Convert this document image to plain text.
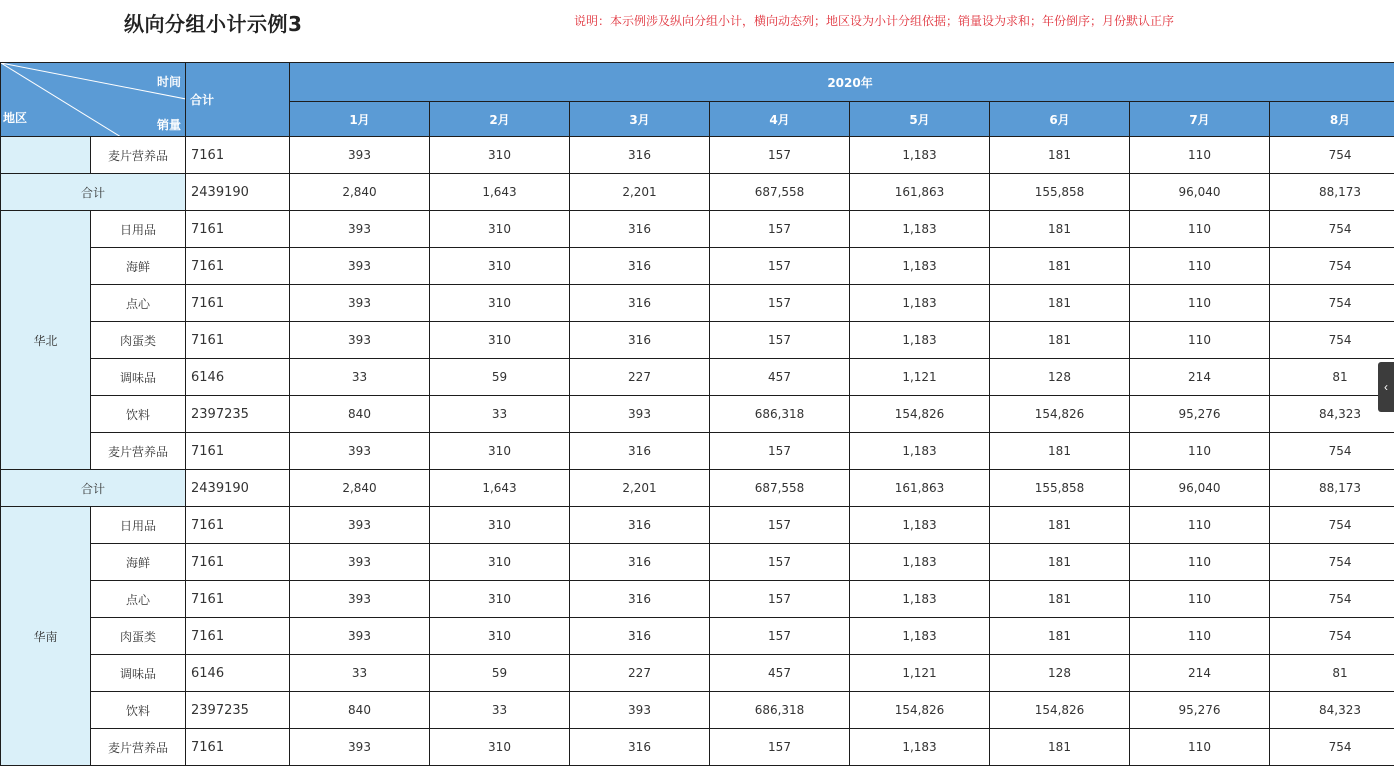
纵向分组小计示例3	说明：本示例涉及纵向分组小计，横向动态列；地区设为小计分组依据；销量设为求和；年份倒序；月份默认正序
时间
地区 销量		合计	2020年							
			1月	2月	3月	4月	5月	6月	7月	8月
	麦片营养品	7161	393	310	316	157	1,183	181	110	754
合计		2439190	2,840	1,643	2,201	687,558	161,863	155,858	96,040	88,173
华北	日用品	7161	393	310	316	157	1,183	181	110	754
	海鲜	7161	393	310	316	157	1,183	181	110	754
	点心	7161	393	310	316	157	1,183	181	110	754
	肉蛋类	7161	393	310	316	157	1,183	181	110	754
	调味品	6146	33	59	227	457	1,121	128	214	81
	饮料	2397235	840	33	393	686,318	154,826	154,826	95,276	84,323
	麦片营养品	7161	393	310	316	157	1,183	181	110	754
合计		2439190	2,840	1,643	2,201	687,558	161,863	155,858	96,040	88,173
华南	日用品	7161	393	310	316	157	1,183	181	110	754
	海鲜	7161	393	310	316	157	1,183	181	110	754
	点心	7161	393	310	316	157	1,183	181	110	754
	肉蛋类	7161	393	310	316	157	1,183	181	110	754
	调味品	6146	33	59	227	457	1,121	128	214	81
	饮料	2397235	840	33	393	686,318	154,826	154,826	95,276	84,323
	麦片营养品	7161	393	310	316	157	1,183	181	110	754
‹
